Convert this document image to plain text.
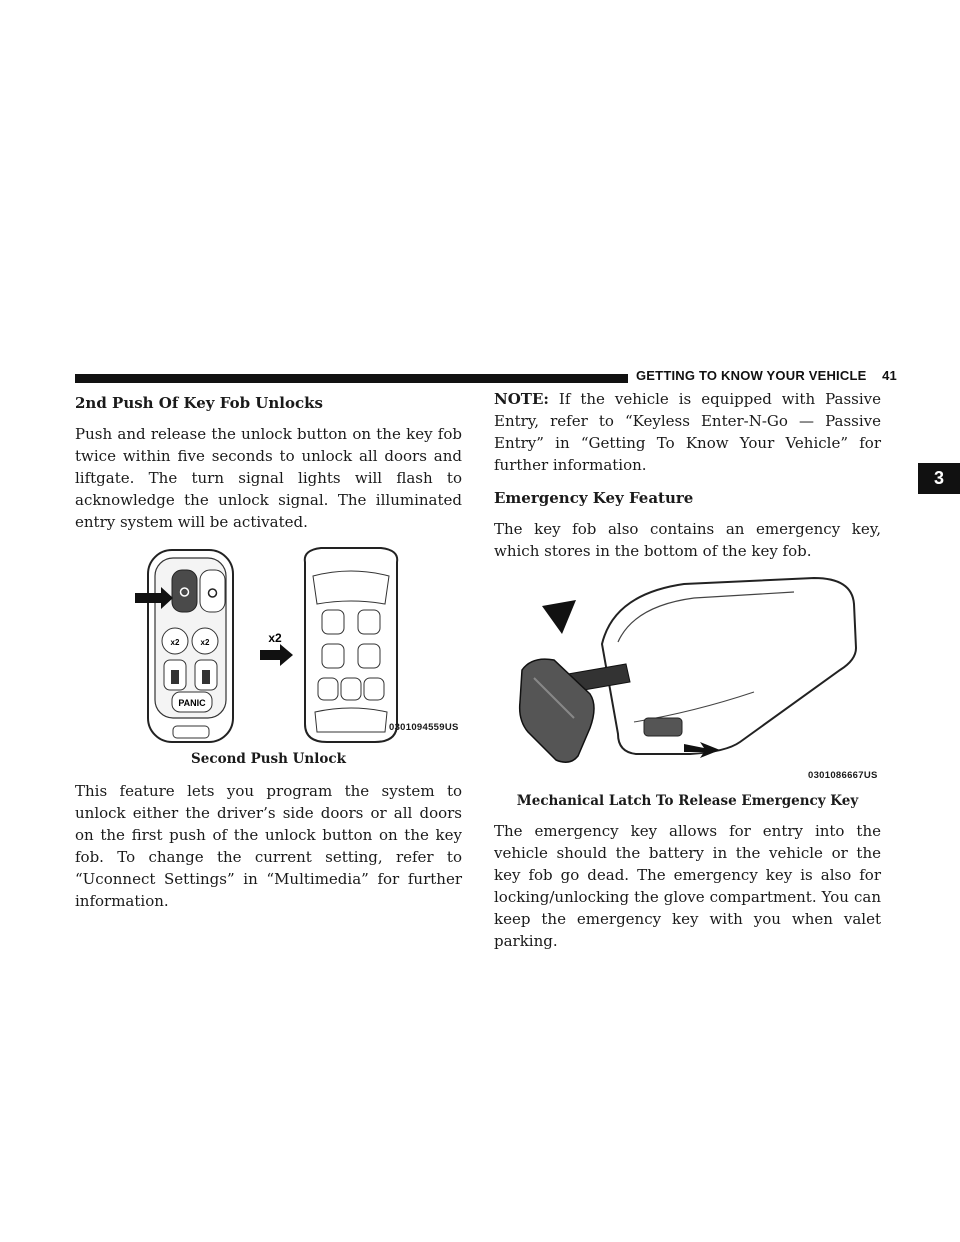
GETTING TO KNOW YOUR VEHICLE 41
3
2nd Push Of Key Fob Unlocks

Push and release the unlock button on the key fob twice within five seconds to unlock all doors and liftgate. The turn signal lights will flash to acknowledge the unlock signal. The illuminated entry system will be activated.

x2	x2
PANIC
x2
0301094559US
Second Push Unlock

This feature lets you program the system to unlock either the driver’s side doors or all doors on the first push of the unlock button on the key fob. To change the current setting, refer to “Uconnect Settings” in “Multimedia” for further information.

NOTE: If the vehicle is equipped with Passive Entry, refer to “Keyless Enter-N-Go — Passive Entry” in “Getting To Know Your Vehicle” for further information.

Emergency Key Feature

The key fob also contains an emergency key, which stores in the bottom of the key fob.

0301086667US
Mechanical Latch To Release Emergency Key

The emergency key allows for entry into the vehicle should the battery in the vehicle or the key fob go dead. The emergency key is also for locking/unlocking the glove compartment. You can keep the emergency key with you when valet parking.
